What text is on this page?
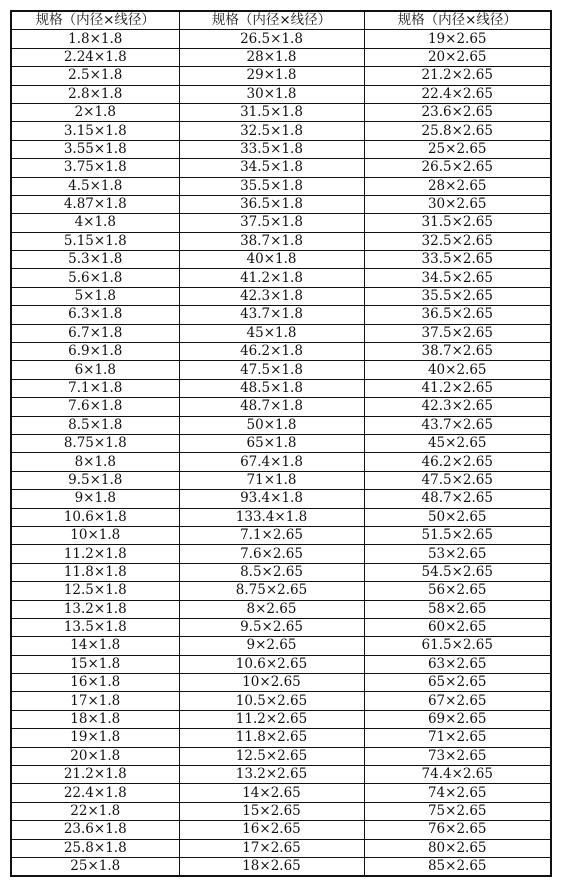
规格（内径×线径）	规格（内径×线径）	规格（内径×线径）
1.8×1.8	26.5×1.8	19×2.65
2.24×1.8	28×1.8	20×2.65
2.5×1.8	29×1.8	21.2×2.65
2.8×1.8	30×1.8	22.4×2.65
2×1.8	31.5×1.8	23.6×2.65
3.15×1.8	32.5×1.8	25.8×2.65
3.55×1.8	33.5×1.8	25×2.65
3.75×1.8	34.5×1.8	26.5×2.65
4.5×1.8	35.5×1.8	28×2.65
4.87×1.8	36.5×1.8	30×2.65
4×1.8	37.5×1.8	31.5×2.65
5.15×1.8	38.7×1.8	32.5×2.65
5.3×1.8	40×1.8	33.5×2.65
5.6×1.8	41.2×1.8	34.5×2.65
5×1.8	42.3×1.8	35.5×2.65
6.3×1.8	43.7×1.8	36.5×2.65
6.7×1.8	45×1.8	37.5×2.65
6.9×1.8	46.2×1.8	38.7×2.65
6×1.8	47.5×1.8	40×2.65
7.1×1.8	48.5×1.8	41.2×2.65
7.6×1.8	48.7×1.8	42.3×2.65
8.5×1.8	50×1.8	43.7×2.65
8.75×1.8	65×1.8	45×2.65
8×1.8	67.4×1.8	46.2×2.65
9.5×1.8	71×1.8	47.5×2.65
9×1.8	93.4×1.8	48.7×2.65
10.6×1.8	133.4×1.8	50×2.65
10×1.8	7.1×2.65	51.5×2.65
11.2×1.8	7.6×2.65	53×2.65
11.8×1.8	8.5×2.65	54.5×2.65
12.5×1.8	8.75×2.65	56×2.65
13.2×1.8	8×2.65	58×2.65
13.5×1.8	9.5×2.65	60×2.65
14×1.8	9×2.65	61.5×2.65
15×1.8	10.6×2.65	63×2.65
16×1.8	10×2.65	65×2.65
17×1.8	10.5×2.65	67×2.65
18×1.8	11.2×2.65	69×2.65
19×1.8	11.8×2.65	71×2.65
20×1.8	12.5×2.65	73×2.65
21.2×1.8	13.2×2.65	74.4×2.65
22.4×1.8	14×2.65	74×2.65
22×1.8	15×2.65	75×2.65
23.6×1.8	16×2.65	76×2.65
25.8×1.8	17×2.65	80×2.65
25×1.8	18×2.65	85×2.65
